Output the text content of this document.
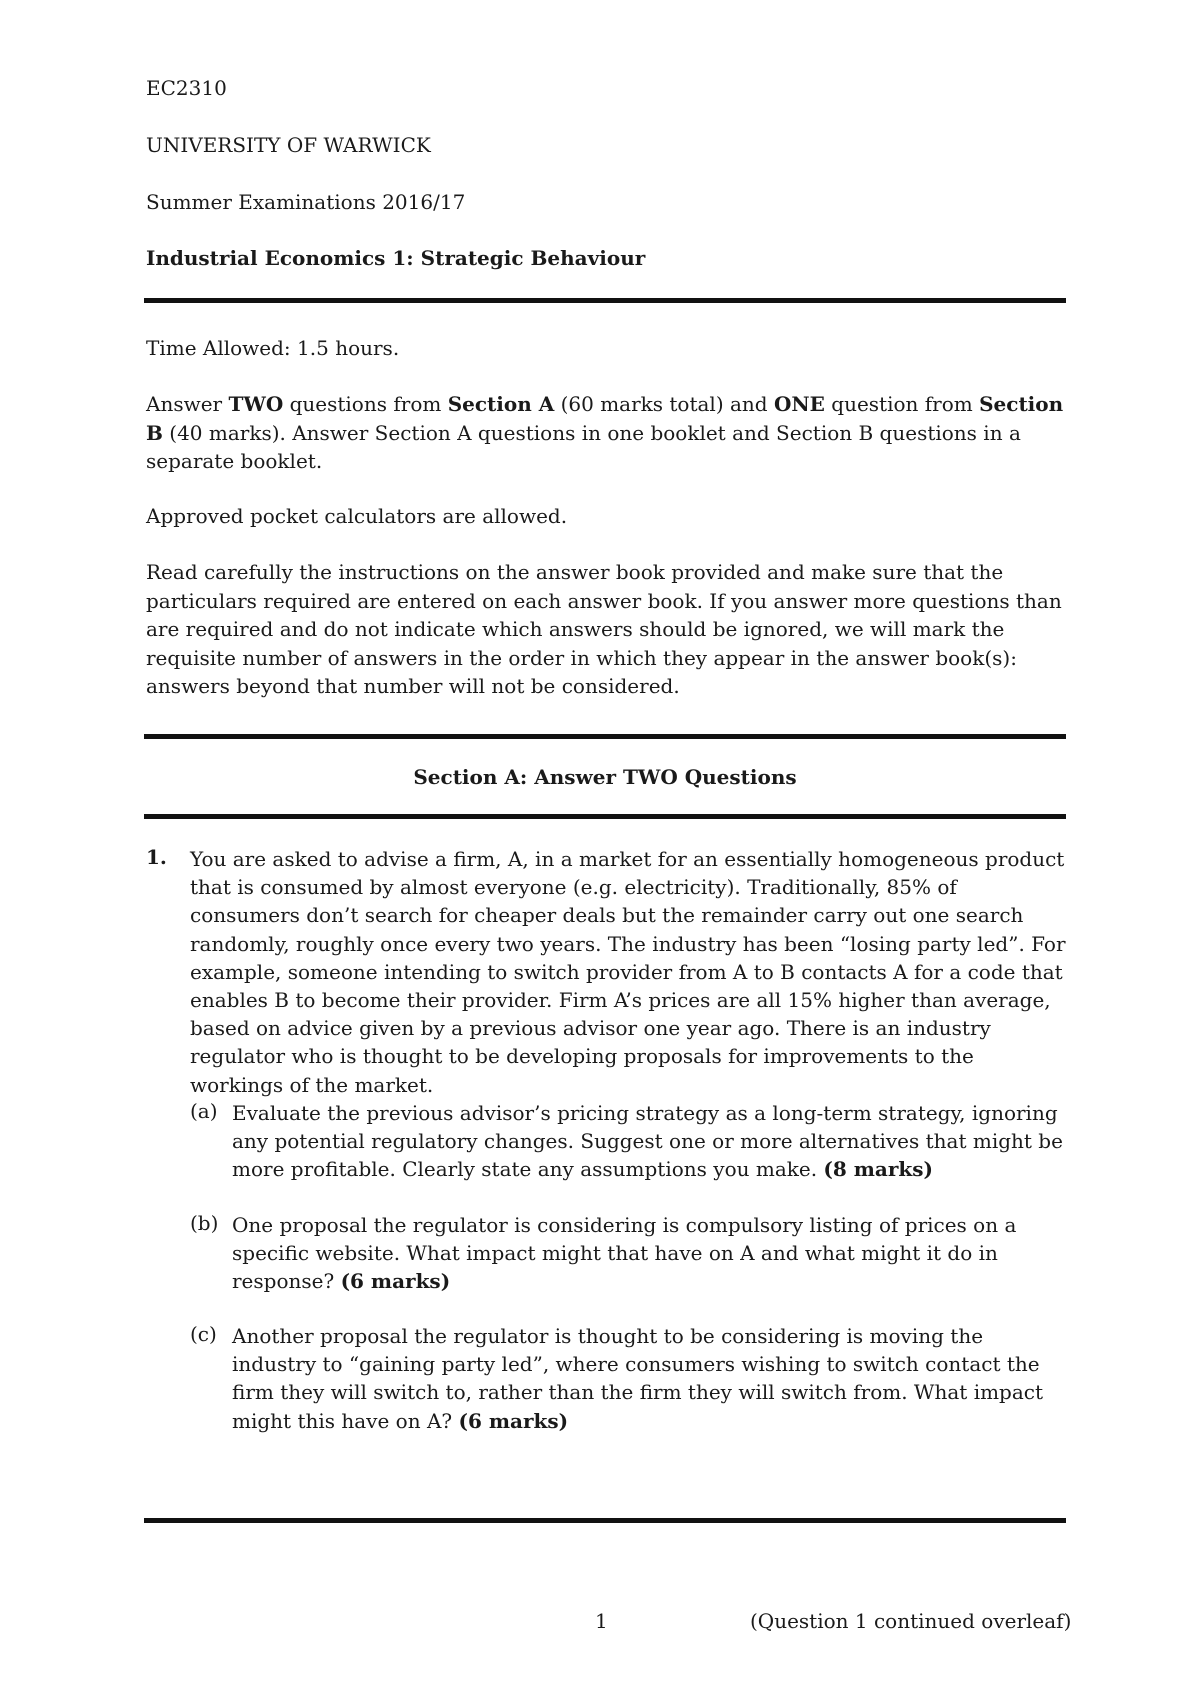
EC2310

UNIVERSITY OF WARWICK

Summer Examinations 2016/17

Industrial Economics 1: Strategic Behaviour

Time Allowed: 1.5 hours.

Answer TWO questions from Section A (60 marks total) and ONE question from Section B (40 marks). Answer Section A questions in one booklet and Section B questions in a separate booklet.

Approved pocket calculators are allowed.

Read carefully the instructions on the answer book provided and make sure that the particulars required are entered on each answer book. If you answer more questions than are required and do not indicate which answers should be ignored, we will mark the requisite number of answers in the order in which they appear in the answer book(s): answers beyond that number will not be considered.

Section A: Answer TWO Questions

1. You are asked to advise a firm, A, in a market for an essentially homogeneous product that is consumed by almost everyone (e.g. electricity). Traditionally, 85% of consumers don’t search for cheaper deals but the remainder carry out one search randomly, roughly once every two years. The industry has been “losing party led”. For example, someone intending to switch provider from A to B contacts A for a code that enables B to become their provider. Firm A’s prices are all 15% higher than average, based on advice given by a previous advisor one year ago. There is an industry regulator who is thought to be developing proposals for improvements to the workings of the market.
(a) Evaluate the previous advisor’s pricing strategy as a long-term strategy, ignoring any potential regulatory changes. Suggest one or more alternatives that might be more profitable. Clearly state any assumptions you make. (8 marks)
(b) One proposal the regulator is considering is compulsory listing of prices on a specific website. What impact might that have on A and what might it do in response? (6 marks)
(c) Another proposal the regulator is thought to be considering is moving the industry to “gaining party led”, where consumers wishing to switch contact the firm they will switch to, rather than the firm they will switch from. What impact might this have on A? (6 marks)
1	(Question 1 continued overleaf)
